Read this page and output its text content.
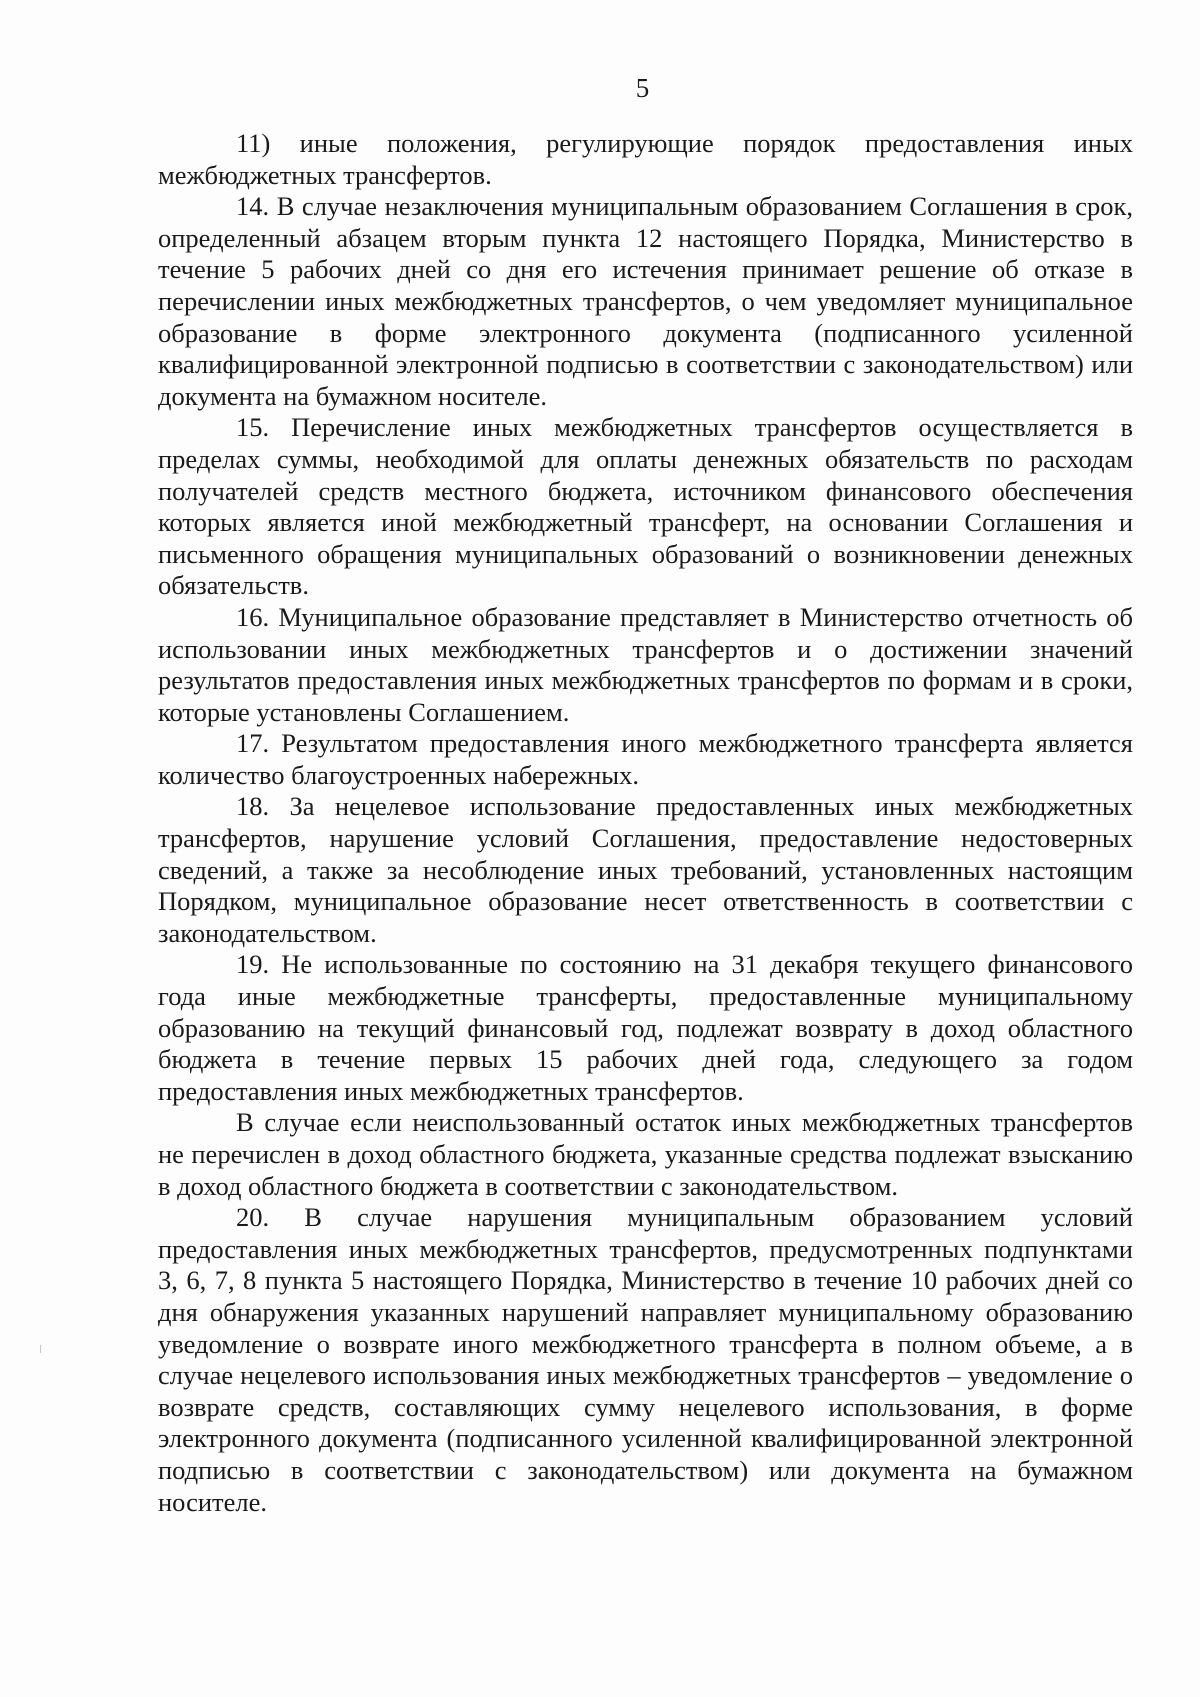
5

11) иные положения, регулирующие порядок предоставления иных межбюджетных трансфертов.

14. В случае незаключения муниципальным образованием Соглашения в срок, определенный абзацем вторым пункта 12 настоящего Порядка, Министерство в течение 5 рабочих дней со дня его истечения принимает решение об отказе в перечислении иных межбюджетных трансфертов, о чем уведомляет муниципальное образование в форме электронного документа (подписанного усиленной квалифицированной электронной подписью в соответствии с законодательством) или документа на бумажном носителе.

15. Перечисление иных межбюджетных трансфертов осуществляется в пределах суммы, необходимой для оплаты денежных обязательств по расходам получателей средств местного бюджета, источником финансового обеспечения которых является иной межбюджетный трансферт, на основании Соглашения и письменного обращения муниципальных образований о возникновении денежных обязательств.

16. Муниципальное образование представляет в Министерство отчетность об использовании иных межбюджетных трансфертов и о достижении значений результатов предоставления иных межбюджетных трансфертов по формам и в сроки, которые установлены Соглашением.

17. Результатом предоставления иного межбюджетного трансферта является количество благоустроенных набережных.

18. За нецелевое использование предоставленных иных межбюджетных трансфертов, нарушение условий Соглашения, предоставление недостоверных сведений, а также за несоблюдение иных требований, установленных настоящим Порядком, муниципальное образование несет ответственность в соответствии с законодательством.

19. Не использованные по состоянию на 31 декабря текущего финансового года иные межбюджетные трансферты, предоставленные муниципальному образованию на текущий финансовый год, подлежат возврату в доход областного бюджета в течение первых 15 рабочих дней года, следующего за годом предоставления иных межбюджетных трансфертов.

В случае если неиспользованный остаток иных межбюджетных трансфертов не перечислен в доход областного бюджета, указанные средства подлежат взысканию в доход областного бюджета в соответствии с законодательством.

20. В случае нарушения муниципальным образованием условий предоставления иных межбюджетных трансфертов, предусмотренных подпунктами 3, 6, 7, 8 пункта 5 настоящего Порядка, Министерство в течение 10 рабочих дней со дня обнаружения указанных нарушений направляет муниципальному образованию уведомление о возврате иного межбюджетного трансферта в полном объеме, а в случае нецелевого использования иных межбюджетных трансфертов – уведомление о возврате средств, составляющих сумму нецелевого использования, в форме электронного документа (подписанного усиленной квалифицированной электронной подписью в соответствии с законодательством) или документа на бумажном носителе.
